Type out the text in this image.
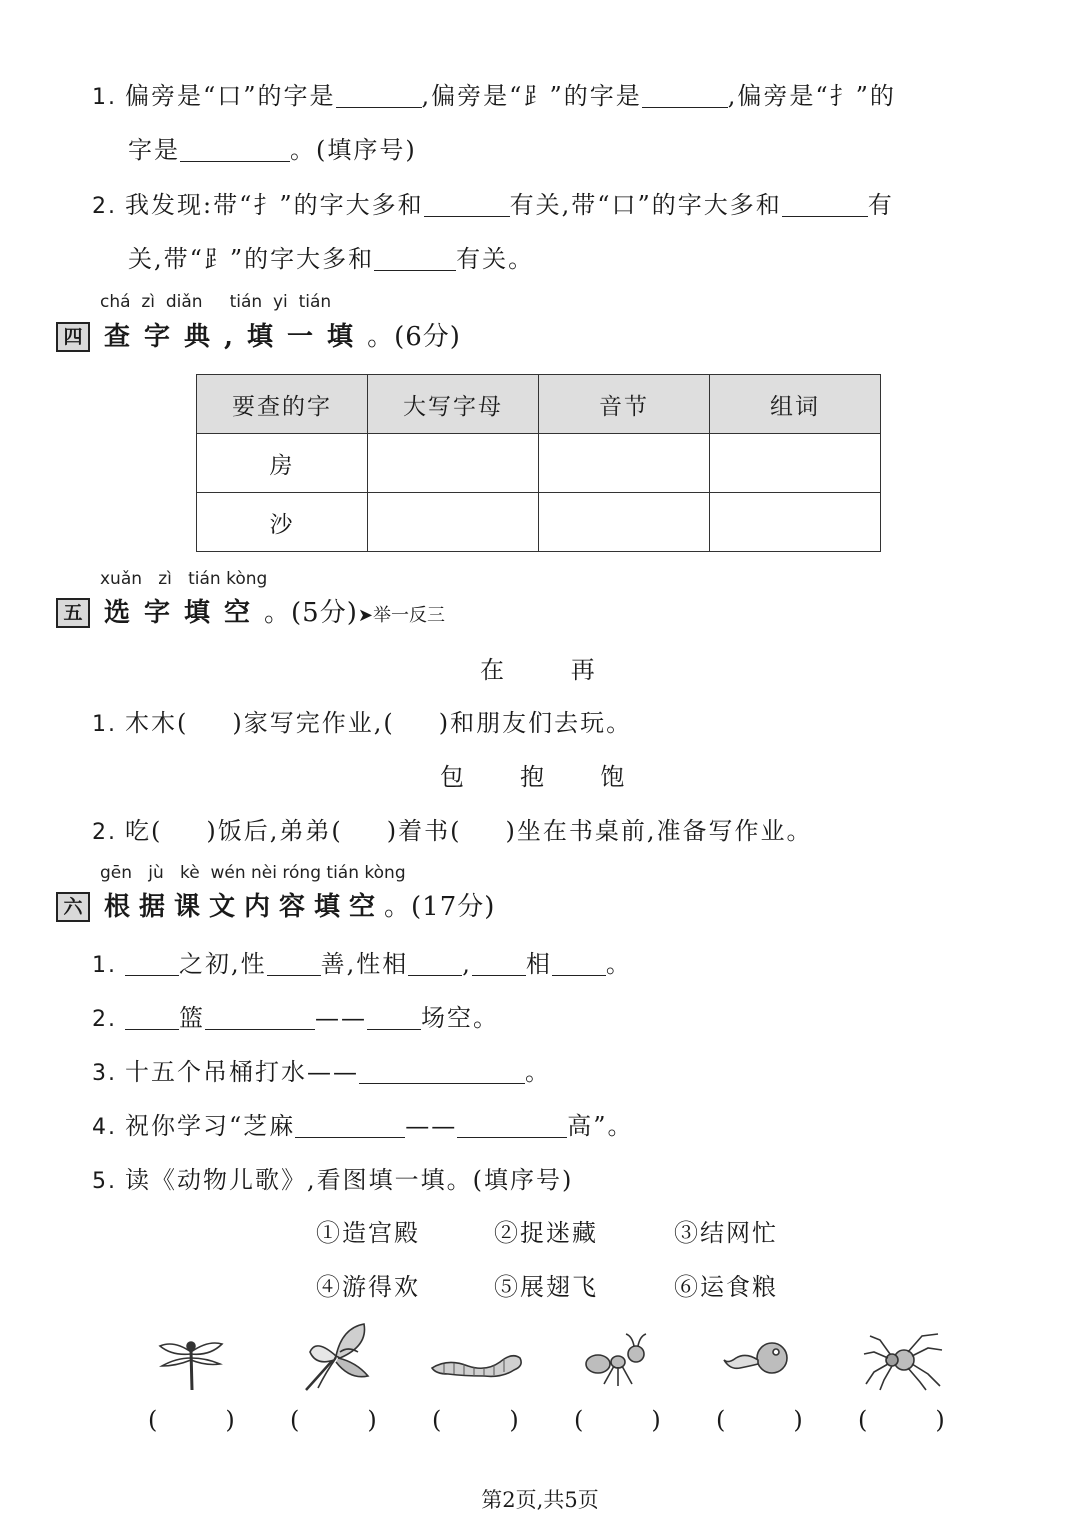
1. 偏旁是“口”的字是	,偏旁是“⻊”的字是	,偏旁是“扌”的
字是	。(填序号)
2. 我发现:带“扌”的字大多和	有关,带“口”的字大多和	有
关,带“⻊”的字大多和	有关。
chá zì diǎn tián yi tián
四 查字典,填一填。(6分)
要查的字	大写字母	音节	组词
房			
沙			
xuǎn zì tián kòng
五 选字填空。(5分)➤举一反三
在	再
1. 木木( )家写完作业,( )和朋友们去玩。
包 抱 饱
2. 吃( )饭后,弟弟( )着书( )坐在书桌前,准备写作业。
gēn jù kè wén nèi róng tián kòng
六 根据课文内容填空。(17分)
1.	之初,性 善,性相 , 相 。
2.	篮	—— 场空。
3. 十五个吊桶打水——	。
4. 祝你学习“芝麻	——	高”。
5. 读《动物儿歌》,看图填一填。(填序号)
①造宫殿	②捉迷藏	③结网忙
④游得欢	⑤展翅飞	⑥运食粮
(	) (	) (	) (	) (	) (	)
第2页,共5页
